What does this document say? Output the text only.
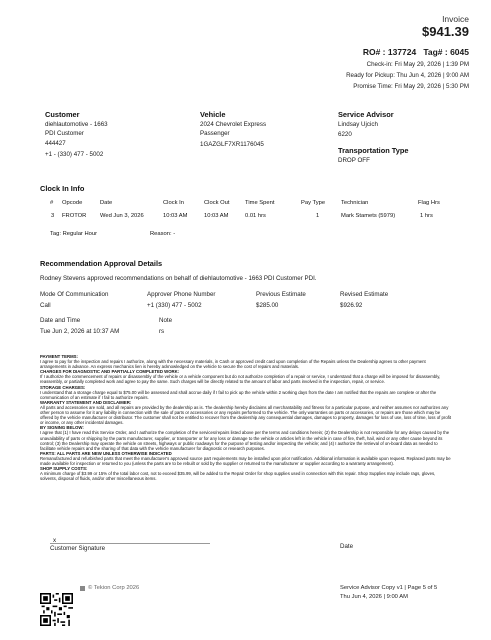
Invoice
$941.39
RO# : 137724   Tag# : 6045
Check-in: Fri May 29, 2026 | 1:39 PM
Ready for Pickup: Thu Jun 4, 2026 | 9:00 AM
Promise Time: Fri May 29, 2026 | 5:30 PM
Customer
diehlautomotive - 1663
PDI Customer
444427
+1 - (330) 477 - 5002
Vehicle
2024 Chevrolet Express
Passenger
1GAZGLF7XR1176045
Service Advisor
Lindsay Ujcich
6220
Transportation Type
DROP OFF
Clock In Info
# Opcode	Date	Clock In	Clock Out	Time Spent	Pay Type	Technician	Flag Hrs
3 FROTOR Wed Jun 3, 2026	10:03 AM	10:03 AM	0.01 hrs	1	Mark Stamets (5979)	1 hrs
Tag: Regular Hour	Reason: -
Recommendation Approval Details
Rodney Stevens approved recommendations on behalf of diehlautomotive - 1663 PDI Customer PDI.
Mode Of Communication
Call
Approver Phone Number
+1 (330) 477 - 5002
Previous Estimate
$285.00
Revised Estimate
$926.92
Date and Time
Tue Jun 2, 2026 at 10:37 AM
Note
rs

PAYMENT TERMS:

I agree to pay for the inspection and repairs I authorize, along with the necessary materials, in Cash or approved credit card upon completion of the Repairs unless the Dealership agrees to other payment arrangements in advance. An express mechanics lien is hereby acknowledged on the vehicle to secure the cost of repairs and materials.

CHARGES FOR DIAGNOSTIC AND PARTIALLY COMPLETED WORK:

If I authorize the commencement of repairs or disassembly of the vehicle or a vehicle component but do not authorize completion of a repair or service, I understand that a charge will be imposed for disassembly, reassembly, or partially completed work and agree to pay the same. Such charges will be directly related to the amount of labor and parts involved in the inspection, repair, or service.

STORAGE CHARGES:

I understand that a storage charge equal to $75.00 will be assessed and shall accrue daily if I fail to pick up the vehicle within 2 working days from the date I am notified that the repairs are complete or after the communication of an estimate if I fail to authorize repairs.

WARRANTY STATEMENT AND DISCLAIMER:

All parts and accessories are sold, and all repairs are provided by the dealership as is. The dealership hereby disclaims all merchantability and fitness for a particular purpose, and neither assumes nor authorizes any other person to assume for it any liability in connection with the sale of parts or accessories or any repairs performed to the vehicle. The only warranties on parts or accessories, or repairs are those which may be offered by the vehicle manufacturer or distributor. The customer shall not be entitled to recover from the dealership any consequential damages, damages to property, damages for loss of use, loss of time, loss of profit or income, or any other incidental damages.

BY SIGNING BELOW:

I agree that (1) I have read this Service Order, and I authorize the completion of the services/repairs listed above per the terms and conditions herein; (2) the Dealership is not responsible for any delays caused by the unavailability of parts or shipping by the parts manufacturer, supplier, or transporter or for any loss or damage to the vehicle or articles left in the vehicle in case of fire, theft, hail, wind or any other cause beyond its control; (3) the Dealership may operate the vehicle on streets, highways or public roadways for the purpose of testing and/or inspecting the vehicle; and (4) I authorize the retrieval of on-board data as needed to facilitate vehicle repairs and the sharing of that data with the vehicle manufacturer for diagnostic or research purposes.

PARTS: ALL PARTS ARE NEW UNLESS OTHERWISE INDICATED

Remanufactured and refurbished parts that meet the manufacturer's approved source part requirements may be installed upon prior notification. Additional information is available upon request. Replaced parts may be made available for inspection or returned to you (unless the parts are to be rebuilt or sold by the supplier or returned to the manufacturer or supplier according to a warranty arrangement).

SHOP SUPPLY COSTS:

A minimum charge of $3.99 or 15% of the total labor cost, not to exceed $35.99, will be added to the Repair Order for shop supplies used in connection with this repair. Shop Supplies may include rags, gloves, solvents, disposal of fluids, and/or other miscellaneous items.

x
Customer Signature	Date
© Tekion Corp 2026	Service Advisor Copy v1 | Page 5 of 5
Thu Jun 4, 2026 | 9:00 AM
